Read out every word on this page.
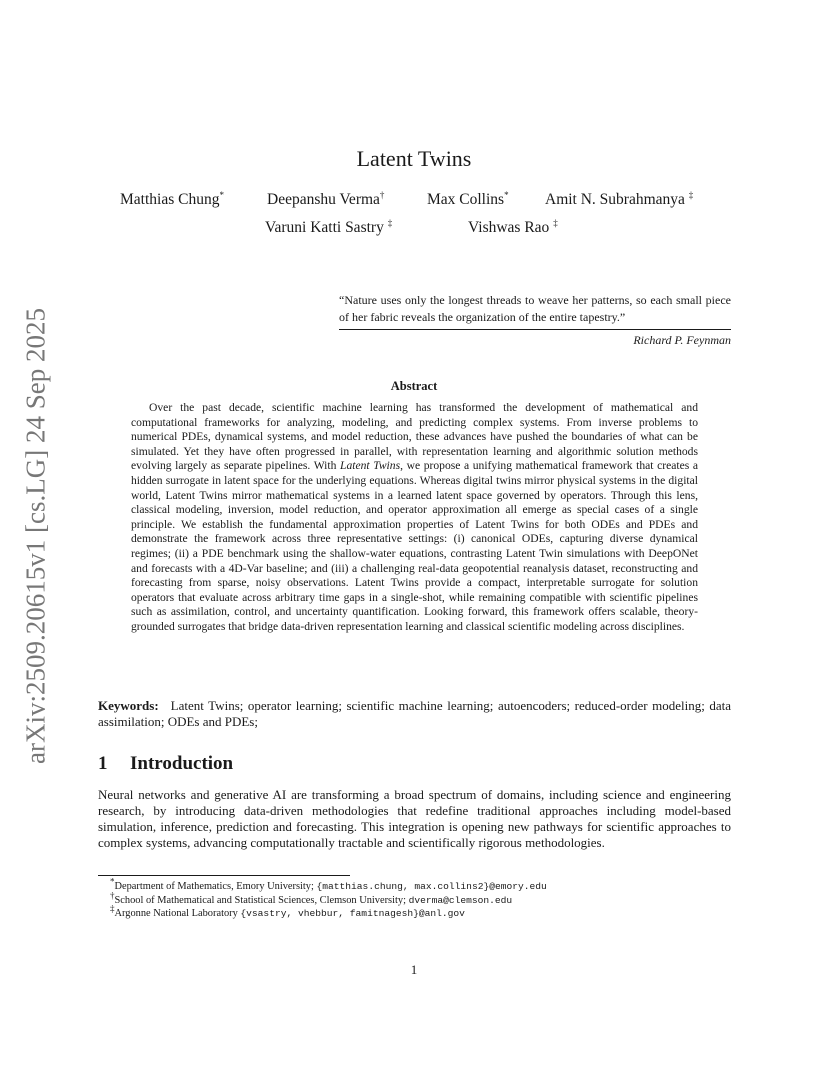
arXiv:2509.20615v1 [cs.LG] 24 Sep 2025
Latent Twins
Matthias Chung*	Deepanshu Verma†	Max Collins* Amit N. Subrahmanya ‡
Varuni Katti Sastry ‡	Vishwas Rao ‡
“Nature uses only the longest threads to weave her patterns, so each small piece of her fabric reveals the organization of the entire tapestry.”
Richard P. Feynman
Abstract

Over the past decade, scientific machine learning has transformed the development of mathematical and computational frameworks for analyzing, modeling, and predicting complex systems. From inverse problems to numerical PDEs, dynamical systems, and model reduction, these advances have pushed the boundaries of what can be simulated. Yet they have often progressed in parallel, with representation learning and algorithmic solution methods evolving largely as separate pipelines. With Latent Twins, we propose a unifying mathematical framework that creates a hidden surrogate in latent space for the underlying equations. Whereas digital twins mirror physical systems in the digital world, Latent Twins mirror mathematical systems in a learned latent space governed by operators. Through this lens, classical modeling, inversion, model reduction, and operator approximation all emerge as special cases of a single principle. We establish the fundamental approximation properties of Latent Twins for both ODEs and PDEs and demonstrate the framework across three representative settings: (i) canonical ODEs, capturing diverse dynamical regimes; (ii) a PDE benchmark using the shallow-water equations, contrasting Latent Twin simulations with DeepONet and forecasts with a 4D-Var baseline; and (iii) a challenging real-data geopotential reanalysis dataset, reconstructing and forecasting from sparse, noisy observations. Latent Twins provide a compact, interpretable surrogate for solution operators that evaluate across arbitrary time gaps in a single-shot, while remaining compatible with scientific pipelines such as assimilation, control, and uncertainty quantification. Looking forward, this framework offers scalable, theory-grounded surrogates that bridge data-driven representation learning and classical scientific modeling across disciplines.

Keywords: Latent Twins; operator learning; scientific machine learning; autoencoders; reduced-order modeling; data assimilation; ODEs and PDEs;

1 Introduction

Neural networks and generative AI are transforming a broad spectrum of domains, including science and engineering research, by introducing data-driven methodologies that redefine traditional approaches including model-based simulation, inference, prediction and forecasting. This integration is opening new pathways for scientific approaches to complex systems, advancing computationally tractable and scientifically rigorous methodologies.

*Department of Mathematics, Emory University; {matthias.chung, max.collins2}@emory.edu
†School of Mathematical and Statistical Sciences, Clemson University; dverma@clemson.edu
‡Argonne National Laboratory {vsastry, vhebbur, famitnagesh}@anl.gov
1
